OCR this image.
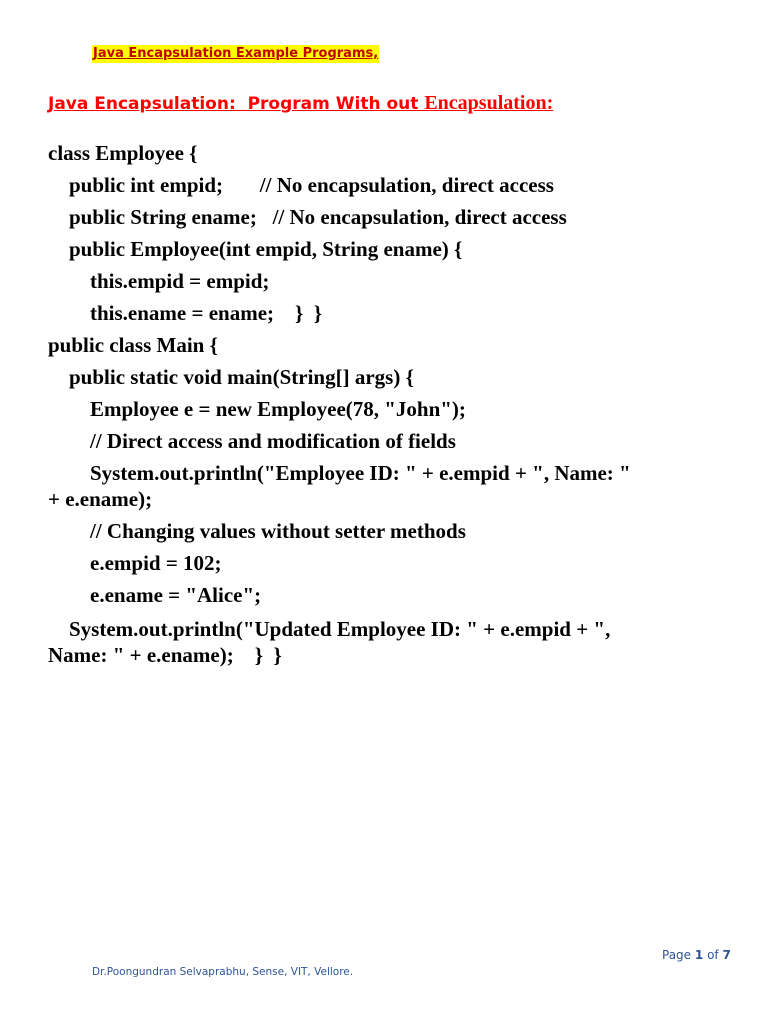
Java Encapsulation Example Programs,
Java Encapsulation:  Program With out Encapsulation:
class Employee {
public int empid;       // No encapsulation, direct access
public String ename;   // No encapsulation, direct access
public Employee(int empid, String ename) {
this.empid = empid;
this.ename = ename;    }  }
public class Main {
public static void main(String[] args) {
Employee e = new Employee(78, "John");
// Direct access and modification of fields
System.out.println("Employee ID: " + e.empid + ", Name: "
+ e.ename);
// Changing values without setter methods
e.empid = 102;
e.ename = "Alice";
System.out.println("Updated Employee ID: " + e.empid + ",
Name: " + e.ename);    }  }
Page 1 of 7
Dr.Poongundran Selvaprabhu, Sense, VIT, Vellore.
